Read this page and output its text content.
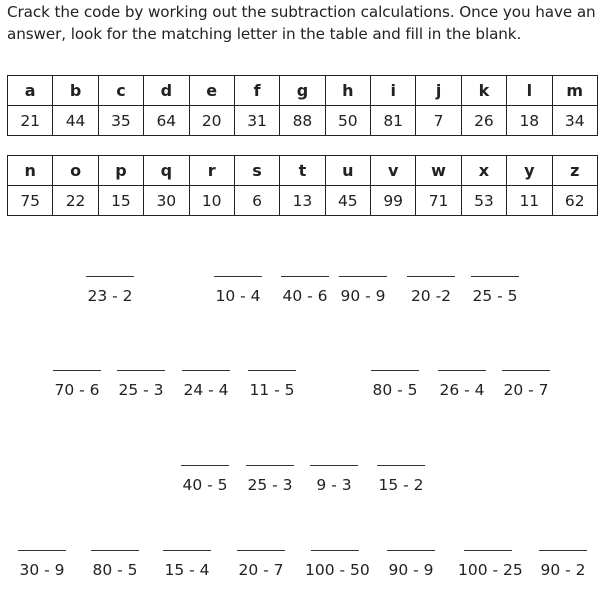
Crack the code by working out the subtraction calculations. Once you have an answer, look for the matching letter in the table and fill in the blank.
a	b	c	d	e	f	g	h	i	j	k	l	m
21	44	35	64	20	31	88	50	81	7	26	18	34
n	o	p	q	r	s	t	u	v	w	x	y	z
75	22	15	30	10	6	13	45	99	71	53	11	62
23 - 2	10 - 4	40 - 6 90 - 9	20 -2	25 - 5
70 - 6	25 - 3	24 - 4	11 - 5	80 - 5	26 - 4	20 - 7
40 - 5	25 - 3	9 - 3	15 - 2
30 - 9	80 - 5	15 - 4	20 - 7	100 - 50	90 - 9	100 - 25	90 - 2
